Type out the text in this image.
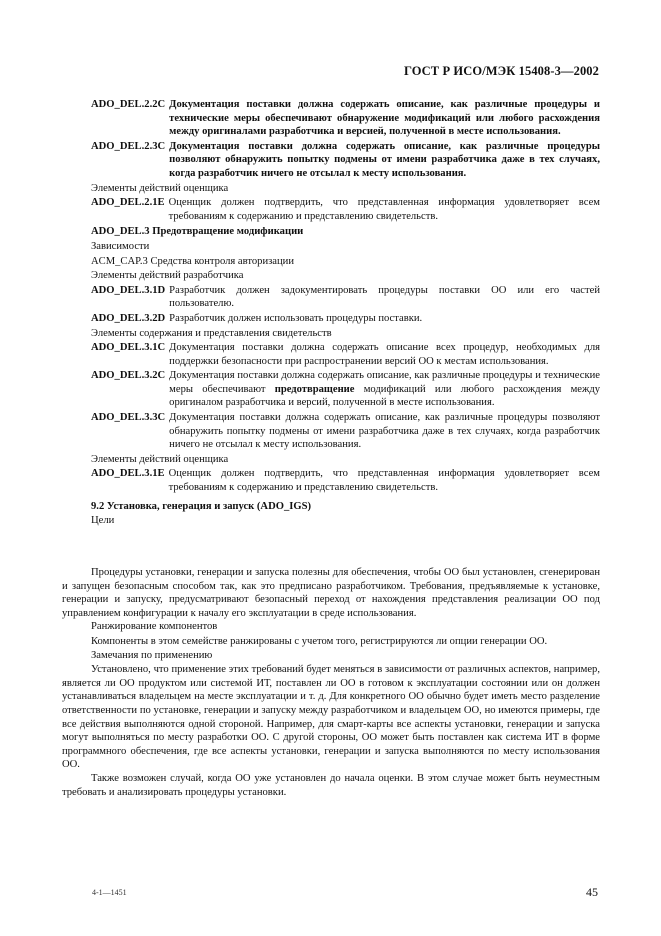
ГОСТ Р ИСО/МЭК 15408-3—2002
ADO_DEL.2.2C Документация поставки должна содержать описание, как различные процедуры и технические меры обеспечивают обнаружение модификаций или любого расхождения между оригиналами разработчика и версией, полученной в месте использования.
ADO_DEL.2.3C Документация поставки должна содержать описание, как различные процедуры позволяют обнаружить попытку подмены от имени разработчика даже в тех случаях, когда разработчик ничего не отсылал к месту использования.
Элементы действий оценщика
ADO_DEL.2.1E Оценщик должен подтвердить, что представленная информация удовлетворяет всем требованиям к содержанию и представлению свидетельств.
ADO_DEL.3 Предотвращение модификации
Зависимости
ACM_CAP.3 Средства контроля авторизации
Элементы действий разработчика
ADO_DEL.3.1D Разработчик должен задокументировать процедуры поставки ОО или его частей пользователю.
ADO_DEL.3.2D Разработчик должен использовать процедуры поставки.
Элементы содержания и представления свидетельств
ADO_DEL.3.1C Документация поставки должна содержать описание всех процедур, необходимых для поддержки безопасности при распространении версий ОО к местам использования.
ADO_DEL.3.2C Документация поставки должна содержать описание, как различные процедуры и технические меры обеспечивают предотвращение модификаций или любого расхождения между оригиналом разработчика и версий, полученной в месте использования.
ADO_DEL.3.3C Документация поставки должна содержать описание, как различные процедуры позволяют обнаружить попытку подмены от имени разработчика даже в тех случаях, когда разработчик ничего не отсылал к месту использования.
Элементы действий оценщика
ADO_DEL.3.1E Оценщик должен подтвердить, что представленная информация удовлетворяет всем требованиям к содержанию и представлению свидетельств.
9.2 Установка, генерация и запуск (ADO_IGS)
Цели

Процедуры установки, генерации и запуска полезны для обеспечения, чтобы ОО был установлен, сгенерирован и запущен безопасным способом так, как это предписано разработчиком. Требования, предъявляемые к установке, генерации и запуску, предусматривают безопасный переход от нахождения представления реализации ОО под управлением конфигурации к началу его эксплуатации в среде использования.

Ранжирование компонентов

Компоненты в этом семействе ранжированы с учетом того, регистрируются ли опции генерации ОО.

Замечания по применению

Установлено, что применение этих требований будет меняться в зависимости от различных аспектов, например, является ли ОО продуктом или системой ИТ, поставлен ли ОО в готовом к эксплуатации состоянии или он должен устанавливаться владельцем на месте эксплуатации и т. д. Для конкретного ОО обычно будет иметь место разделение ответственности по установке, генерации и запуску между разработчиком и владельцем ОО, но имеются примеры, где все действия выполняются одной стороной. Например, для смарт-карты все аспекты установки, генерации и запуска могут выполняться по месту разработки ОО. С другой стороны, ОО может быть поставлен как система ИТ в форме программного обеспечения, где все аспекты установки, генерации и запуска выполняются по месту использования ОО.

Также возможен случай, когда ОО уже установлен до начала оценки. В этом случае может быть неуместным требовать и анализировать процедуры установки.

4-1—1451	45
